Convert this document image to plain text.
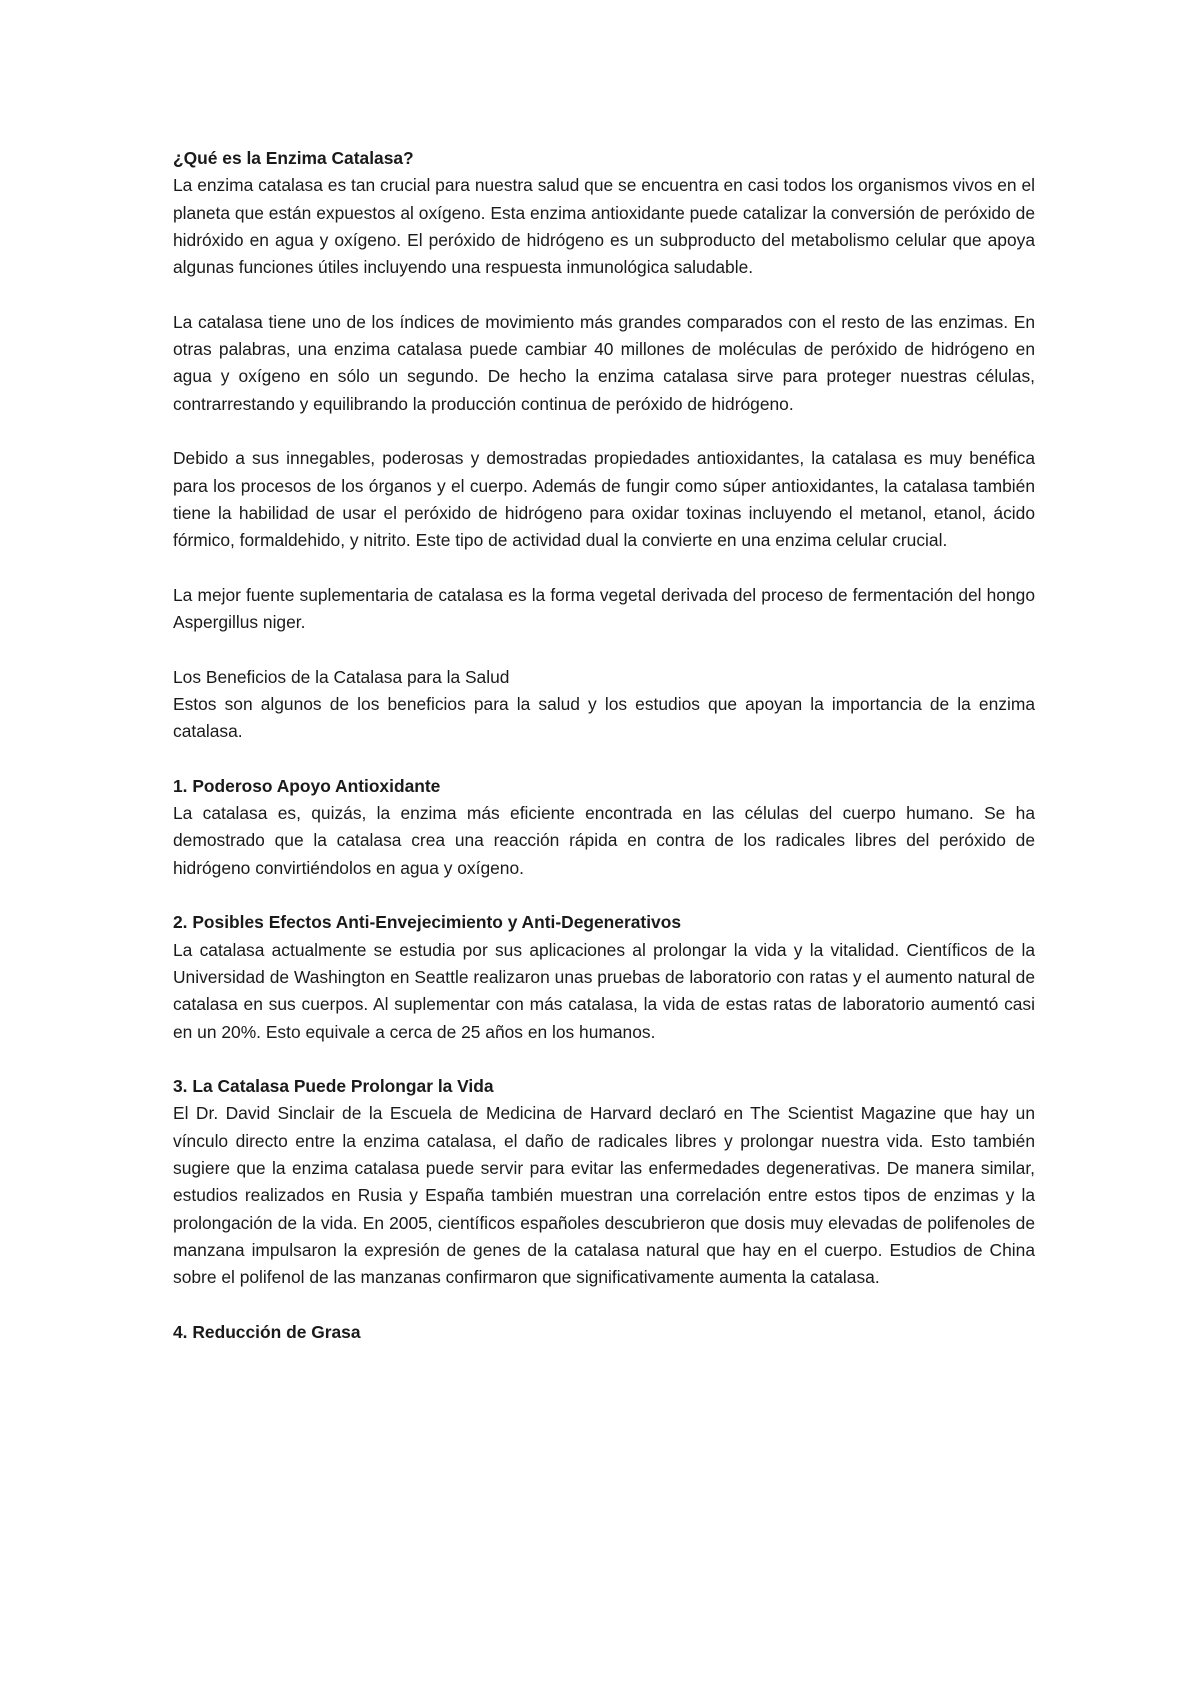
¿Qué es la Enzima Catalasa?

La enzima catalasa es tan crucial para nuestra salud que se encuentra en casi todos los organismos vivos en el planeta que están expuestos al oxígeno. Esta enzima antioxidante puede catalizar la conversión de peróxido de hidróxido en agua y oxígeno. El peróxido de hidrógeno es un subproducto del metabolismo celular que apoya algunas funciones útiles incluyendo una respuesta inmunológica saludable.

La catalasa tiene uno de los índices de movimiento más grandes comparados con el resto de las enzimas. En otras palabras, una enzima catalasa puede cambiar 40 millones de moléculas de peróxido de hidrógeno en agua y oxígeno en sólo un segundo. De hecho la enzima catalasa sirve para proteger nuestras células, contrarrestando y equilibrando la producción continua de peróxido de hidrógeno.

Debido a sus innegables, poderosas y demostradas propiedades antioxidantes, la catalasa es muy benéfica para los procesos de los órganos y el cuerpo. Además de fungir como súper antioxidantes, la catalasa también tiene la habilidad de usar el peróxido de hidrógeno para oxidar toxinas incluyendo el metanol, etanol, ácido fórmico, formaldehido, y nitrito. Este tipo de actividad dual la convierte en una enzima celular crucial.

La mejor fuente suplementaria de catalasa es la forma vegetal derivada del proceso de fermentación del hongo Aspergillus niger.

Los Beneficios de la Catalasa para la Salud

Estos son algunos de los beneficios para la salud y los estudios que apoyan la importancia de la enzima catalasa.

1. Poderoso Apoyo Antioxidante

La catalasa es, quizás, la enzima más eficiente encontrada en las células del cuerpo humano. Se ha demostrado que la catalasa crea una reacción rápida en contra de los radicales libres del peróxido de hidrógeno convirtiéndolos en agua y oxígeno.

2. Posibles Efectos Anti-Envejecimiento y Anti-Degenerativos

La catalasa actualmente se estudia por sus aplicaciones al prolongar la vida y la vitalidad. Científicos de la Universidad de Washington en Seattle realizaron unas pruebas de laboratorio con ratas y el aumento natural de catalasa en sus cuerpos. Al suplementar con más catalasa, la vida de estas ratas de laboratorio aumentó casi en un 20%. Esto equivale a cerca de 25 años en los humanos.

3. La Catalasa Puede Prolongar la Vida

El Dr. David Sinclair de la Escuela de Medicina de Harvard declaró en The Scientist Magazine que hay un vínculo directo entre la enzima catalasa, el daño de radicales libres y prolongar nuestra vida. Esto también sugiere que la enzima catalasa puede servir para evitar las enfermedades degenerativas. De manera similar, estudios realizados en Rusia y España también muestran una correlación entre estos tipos de enzimas y la prolongación de la vida. En 2005, científicos españoles descubrieron que dosis muy elevadas de polifenoles de manzana impulsaron la expresión de genes de la catalasa natural que hay en el cuerpo. Estudios de China sobre el polifenol de las manzanas confirmaron que significativamente aumenta la catalasa.

4. Reducción de Grasa
